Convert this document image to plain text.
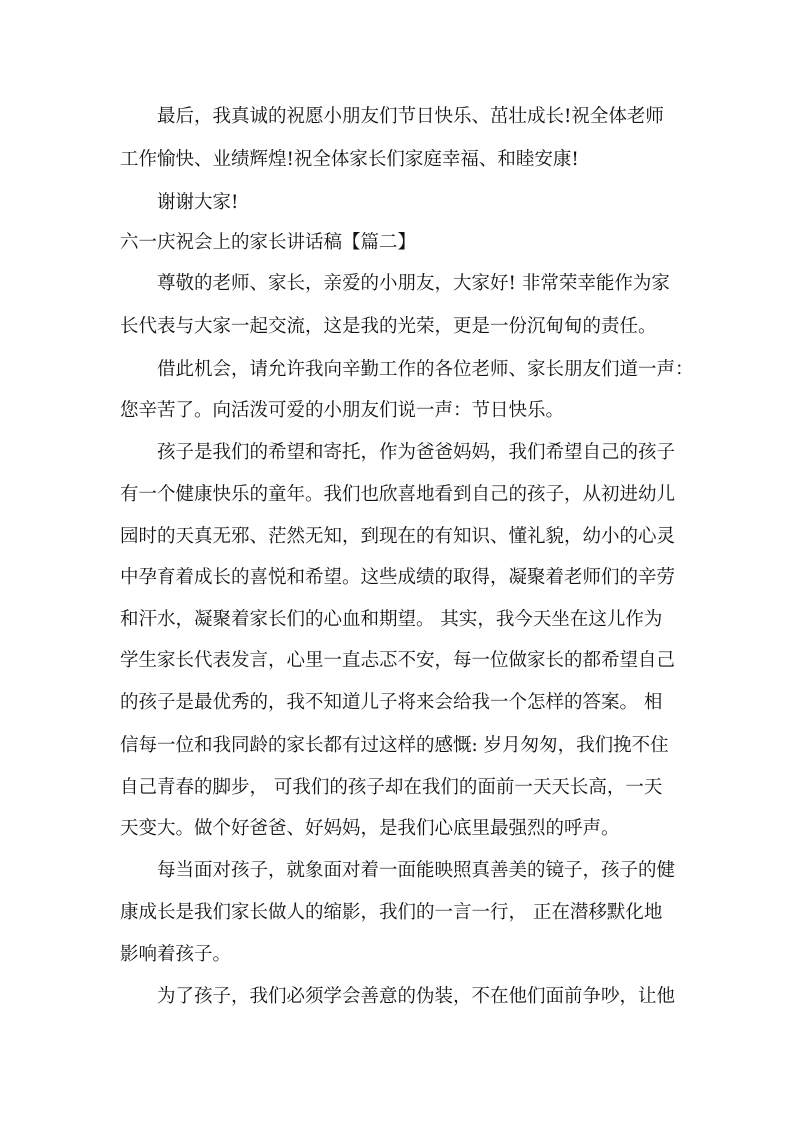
最后，我真诚的祝愿小朋友们节日快乐、茁壮成长!祝全体老师
工作愉快、业绩辉煌!祝全体家长们家庭幸福、和睦安康!
谢谢大家!
六一庆祝会上的家长讲话稿【篇二】
尊敬的老师、家长，亲爱的小朋友，大家好! 非常荣幸能作为家
长代表与大家一起交流，这是我的光荣，更是一份沉甸甸的责任。
借此机会，请允许我向辛勤工作的各位老师、家长朋友们道一声：
您辛苦了。向活泼可爱的小朋友们说一声：节日快乐。
孩子是我们的希望和寄托，作为爸爸妈妈，我们希望自己的孩子
有一个健康快乐的童年。我们也欣喜地看到自己的孩子，从初进幼儿
园时的天真无邪、茫然无知，到现在的有知识、懂礼貌，幼小的心灵
中孕育着成长的喜悦和希望。这些成绩的取得，凝聚着老师们的辛劳
和汗水，凝聚着家长们的心血和期望。 其实，我今天坐在这儿作为
学生家长代表发言，心里一直忐忑不安，每一位做家长的都希望自己
的孩子是最优秀的，我不知道儿子将来会给我一个怎样的答案。 相
信每一位和我同龄的家长都有过这样的感慨: 岁月匆匆，我们挽不住
自己青春的脚步， 可我们的孩子却在我们的面前一天天长高，一天
天变大。做个好爸爸、好妈妈，是我们心底里最强烈的呼声。
每当面对孩子，就象面对着一面能映照真善美的镜子，孩子的健
康成长是我们家长做人的缩影，我们的一言一行， 正在潜移默化地
影响着孩子。
为了孩子，我们必须学会善意的伪装，不在他们面前争吵，让他
